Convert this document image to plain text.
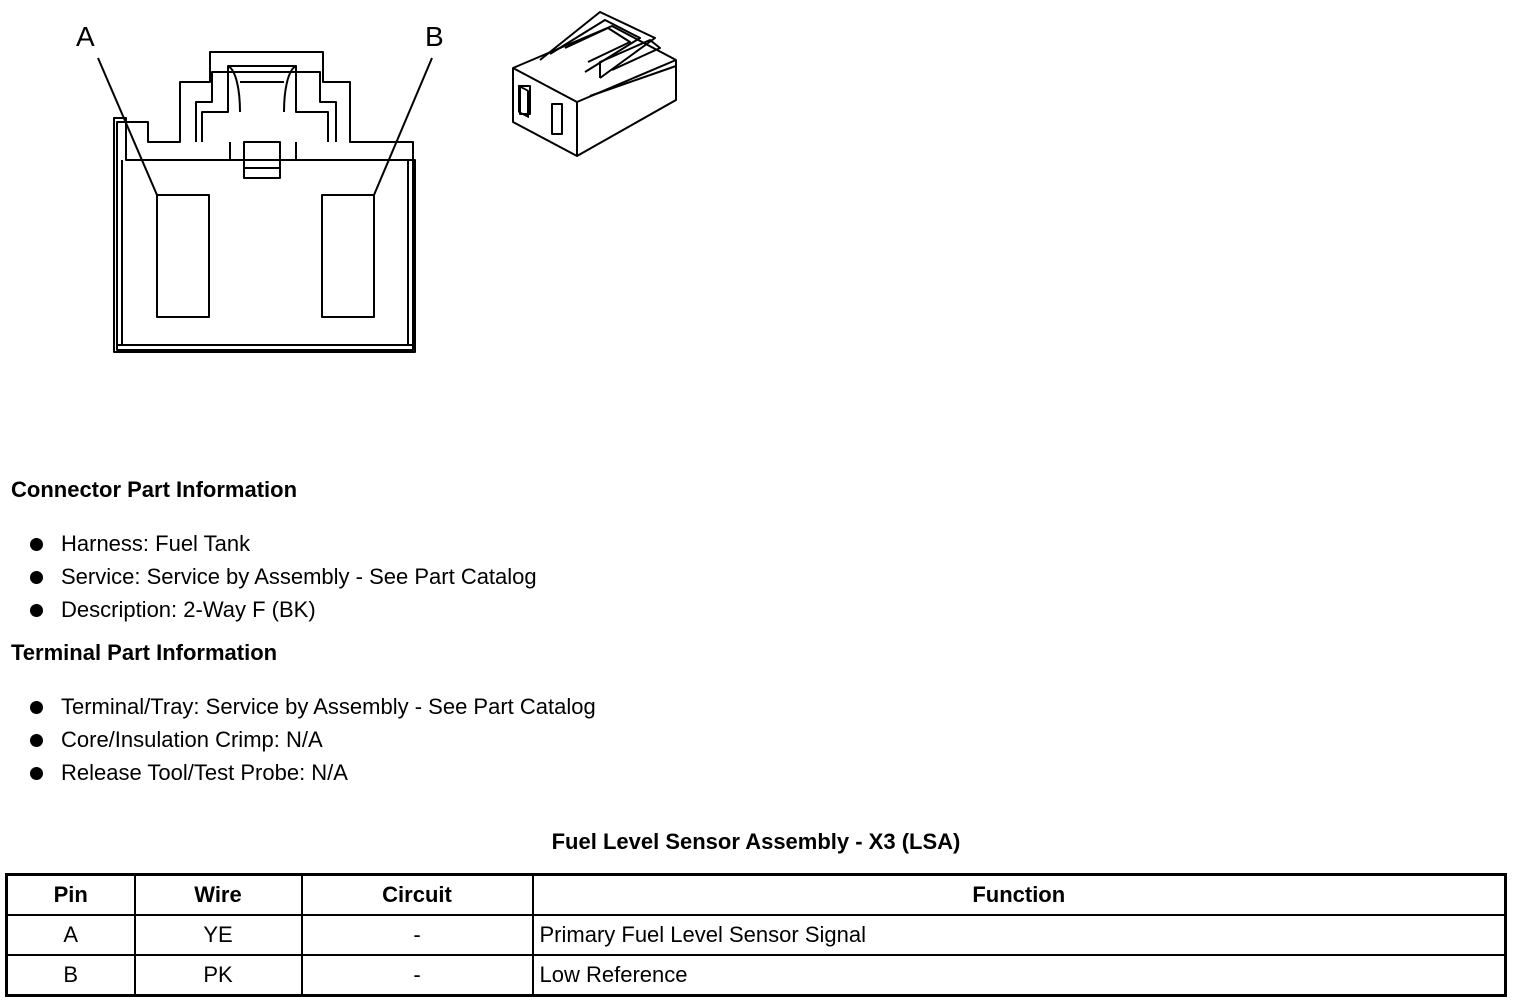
A	B
Connector Part Information
Harness: Fuel Tank
Service: Service by Assembly - See Part Catalog
Description: 2-Way F (BK)
Terminal Part Information
Terminal/Tray: Service by Assembly - See Part Catalog
Core/Insulation Crimp: N/A
Release Tool/Test Probe: N/A
Fuel Level Sensor Assembly - X3 (LSA)
Pin	Wire	Circuit	Function
A	YE	-	Primary Fuel Level Sensor Signal
B	PK	-	Low Reference
